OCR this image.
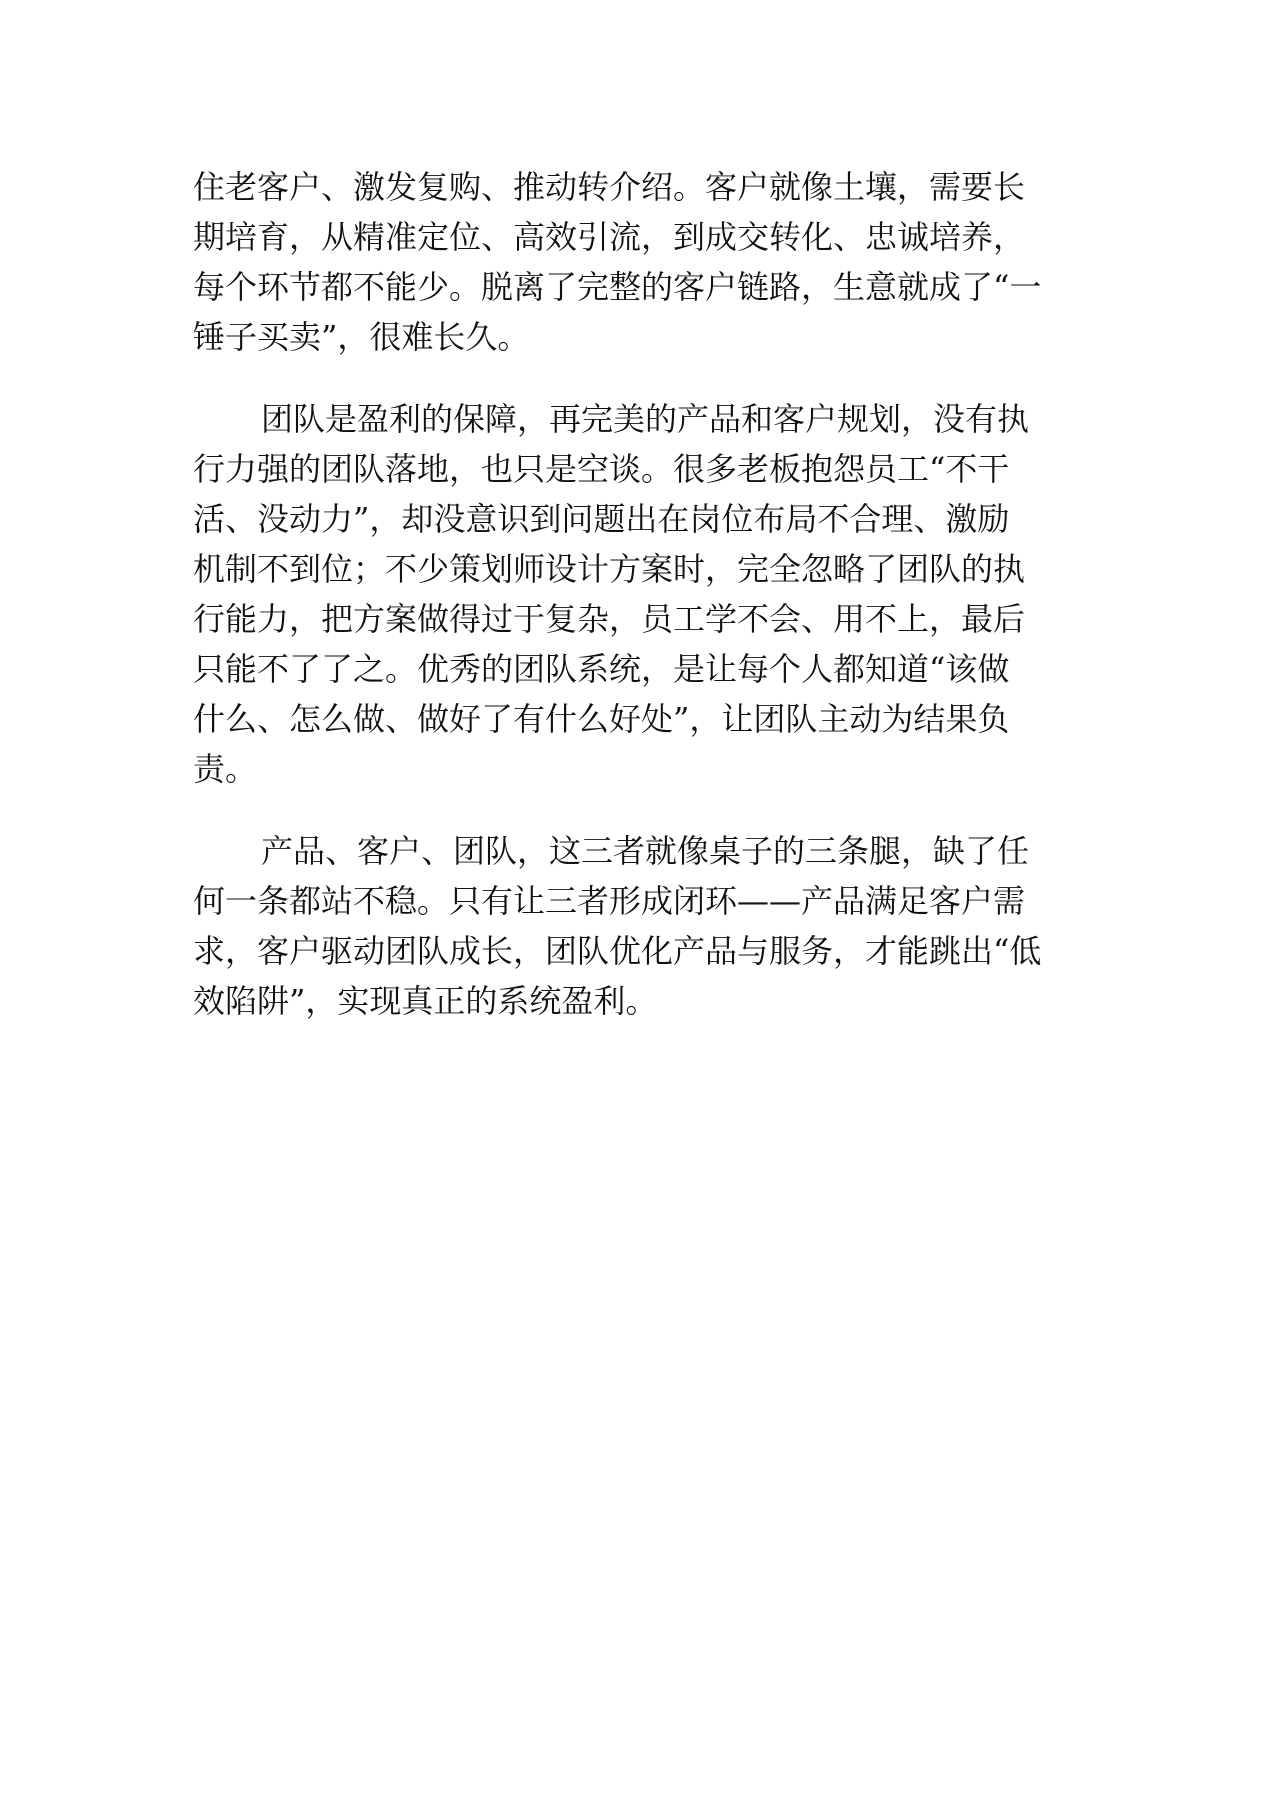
住老客户、激发复购、推动转介绍。客户就像土壤，需要长
期培育，从精准定位、高效引流，到成交转化、忠诚培养，
每个环节都不能少。脱离了完整的客户链路，生意就成了“一
锤子买卖”，很难长久。

团队是盈利的保障，再完美的产品和客户规划，没有执
行力强的团队落地，也只是空谈。很多老板抱怨员工“不干
活、没动力”，却没意识到问题出在岗位布局不合理、激励
机制不到位；不少策划师设计方案时，完全忽略了团队的执
行能力，把方案做得过于复杂，员工学不会、用不上，最后
只能不了了之。优秀的团队系统，是让每个人都知道“该做
什么、怎么做、做好了有什么好处”，让团队主动为结果负
责。

产品、客户、团队，这三者就像桌子的三条腿，缺了任
何一条都站不稳。只有让三者形成闭环——产品满足客户需
求，客户驱动团队成长，团队优化产品与服务，才能跳出“低
效陷阱”，实现真正的系统盈利。
